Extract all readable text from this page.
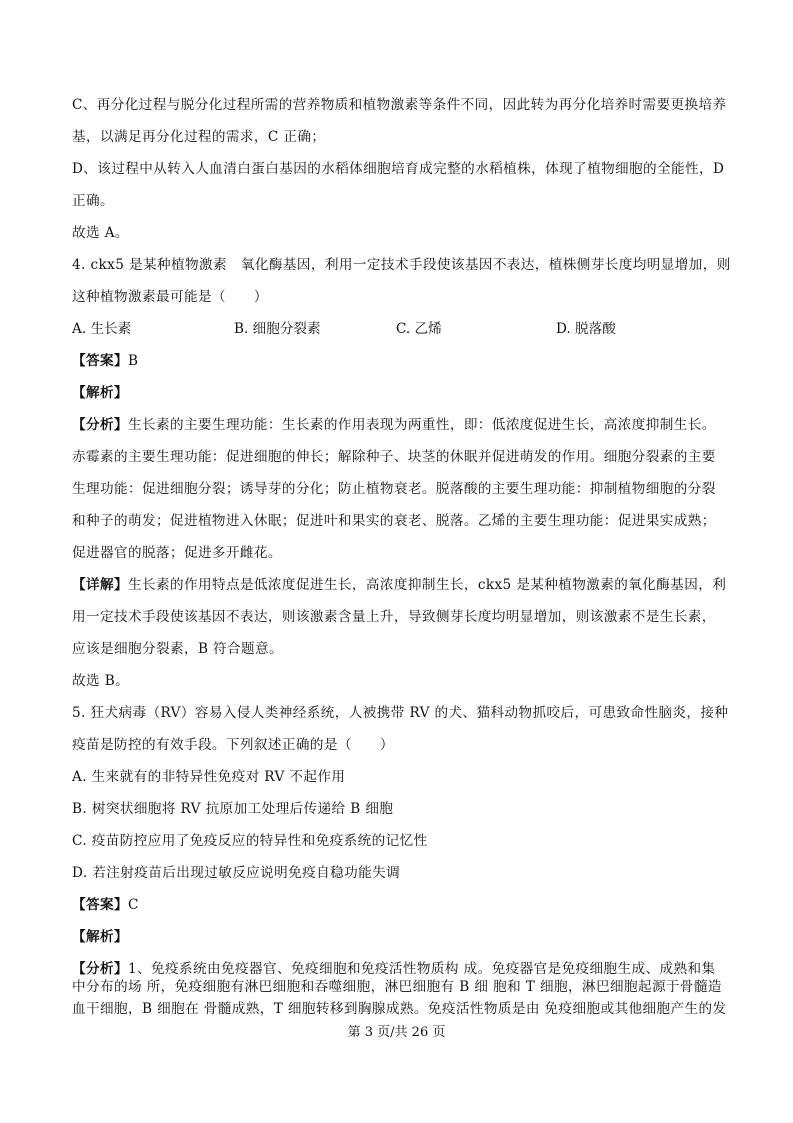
C、再分化过程与脱分化过程所需的营养物质和植物激素等条件不同，因此转为再分化培养时需要更换培养
基，以满足再分化过程的需求，C 正确；
D、该过程中从转入人血清白蛋白基因的水稻体细胞培育成完整的水稻植株，体现了植物细胞的全能性，D
正确。
故选 A。
4. ckx5 是某种植物激素　氧化酶基因，利用一定技术手段使该基因不表达，植株侧芽长度均明显增加，则
这种植物激素最可能是（　　）
A. 生长素	B. 细胞分裂素	C. 乙烯	D. 脱落酸
【答案】B
【解析】
【分析】生长素的主要生理功能：生长素的作用表现为两重性，即：低浓度促进生长，高浓度抑制生长。
赤霉素的主要生理功能：促进细胞的伸长；解除种子、块茎的休眠并促进萌发的作用。细胞分裂素的主要
生理功能：促进细胞分裂；诱导芽的分化；防止植物衰老。脱落酸的主要生理功能：抑制植物细胞的分裂
和种子的萌发；促进植物进入休眠；促进叶和果实的衰老、脱落。乙烯的主要生理功能：促进果实成熟；
促进器官的脱落；促进多开雌花。
【详解】生长素的作用特点是低浓度促进生长，高浓度抑制生长，ckx5 是某种植物激素的氧化酶基因，利
用一定技术手段使该基因不表达，则该激素含量上升，导致侧芽长度均明显增加，则该激素不是生长素，
应该是细胞分裂素，B 符合题意。
故选 B。
5. 狂犬病毒（RV）容易入侵人类神经系统，人被携带 RV 的犬、猫科动物抓咬后，可患致命性脑炎，接种
疫苗是防控的有效手段。下列叙述正确的是（　　）
A. 生来就有的非特异性免疫对 RV 不起作用
B. 树突状细胞将 RV 抗原加工处理后传递给 B 细胞
C. 疫苗防控应用了免疫反应的特异性和免疫系统的记忆性
D. 若注射疫苗后出现过敏反应说明免疫自稳功能失调
【答案】C
【解析】
【分析】1、免疫系统由免疫器官、免疫细胞和免疫活性物质构 成。免疫器官是免疫细胞生成、成熟和集
中分布的场 所，免疫细胞有淋巴细胞和吞噬细胞，淋巴细胞有 B 细 胞和 T 细胞，淋巴细胞起源于骨髓造
血干细胞，B 细胞在 骨髓成熟，T 细胞转移到胸腺成熟。免疫活性物质是由 免疫细胞或其他细胞产生的发
第 3 页/共 26 页
